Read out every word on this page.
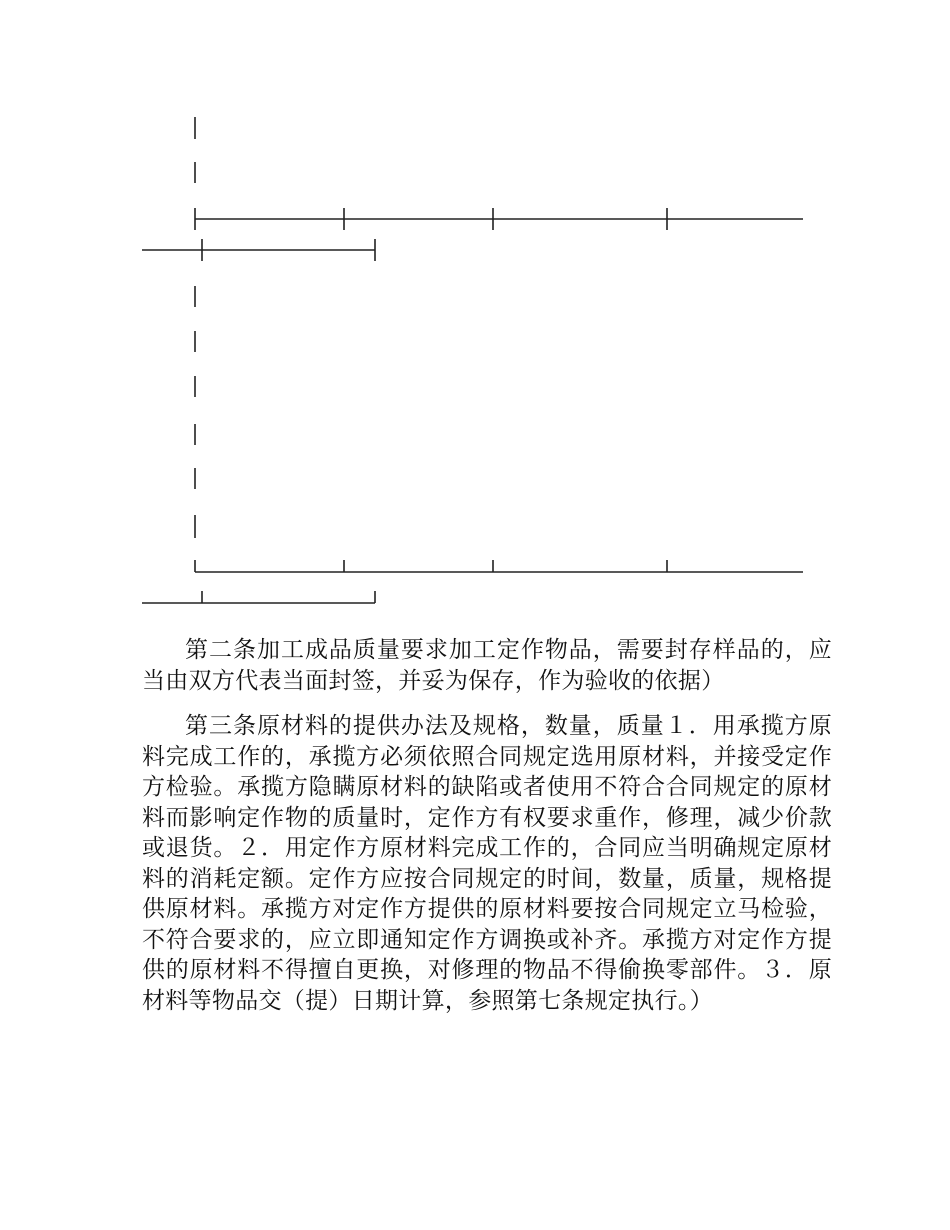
第二条加工成品质量要求加工定作物品，需要封存样品的，应当由双方代表当面封签，并妥为保存，作为验收的依据）

第三条原材料的提供办法及规格，数量，质量１．用承揽方原料完成工作的，承揽方必须依照合同规定选用原材料，并接受定作方检验。承揽方隐瞒原材料的缺陷或者使用不符合合同规定的原材料而影响定作物的质量时，定作方有权要求重作，修理，减少价款或退货。２．用定作方原材料完成工作的，合同应当明确规定原材料的消耗定额。定作方应按合同规定的时间，数量，质量，规格提供原材料。承揽方对定作方提供的原材料要按合同规定立马检验，不符合要求的，应立即通知定作方调换或补齐。承揽方对定作方提供的原材料不得擅自更换，对修理的物品不得偷换零部件。３．原材料等物品交（提）日期计算，参照第七条规定执行。）
